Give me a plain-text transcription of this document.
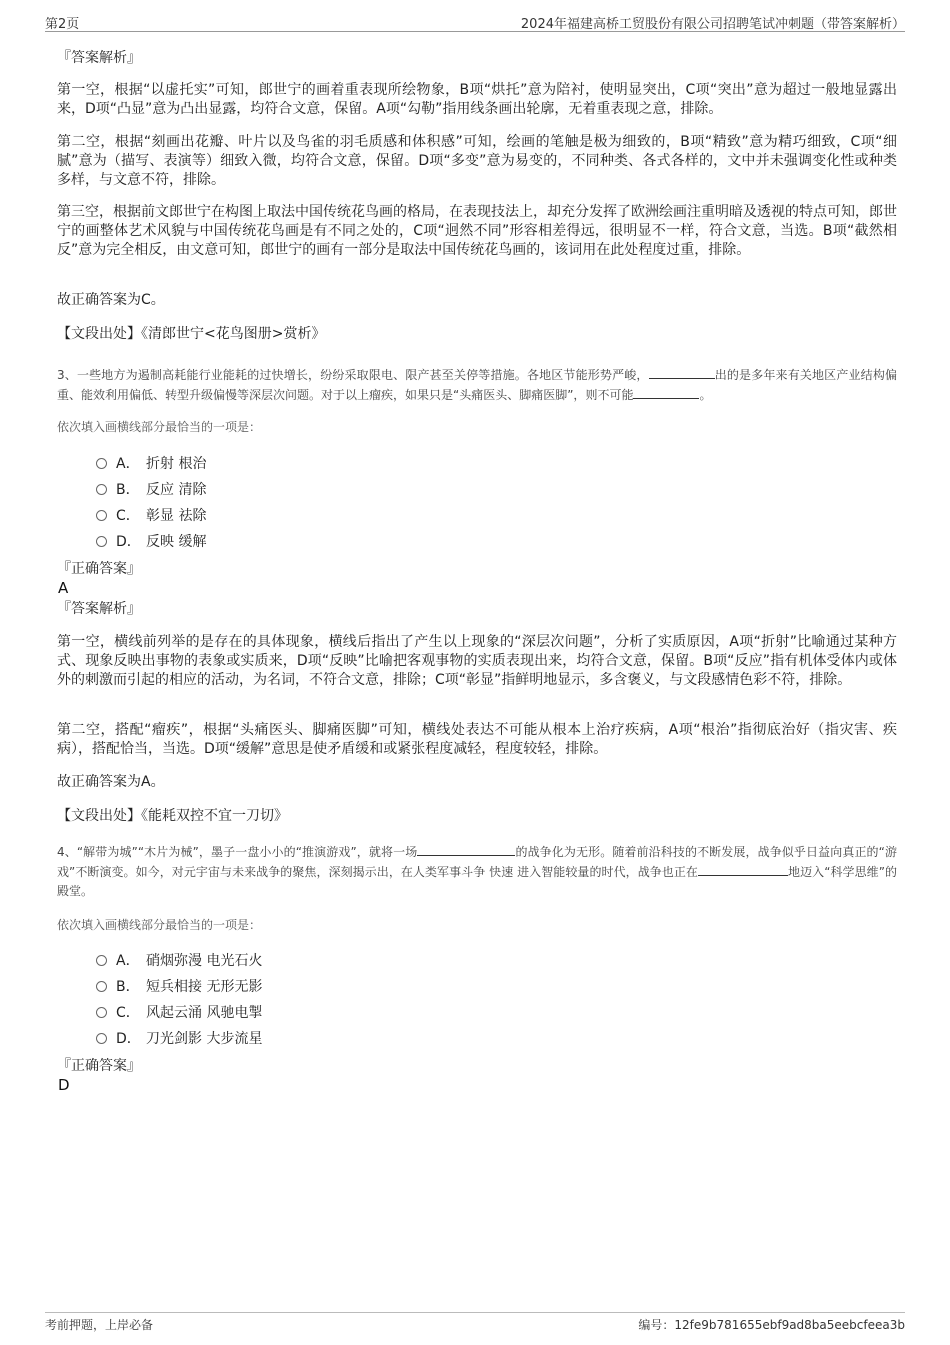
第2页	2024年福建高桥工贸股份有限公司招聘笔试冲刺题（带答案解析）
『答案解析』
第一空，根据“以虚托实”可知，郎世宁的画着重表现所绘物象，B项“烘托”意为陪衬，使明显突出，C项“突出”意为超过一般地显露出来，D项“凸显”意为凸出显露，均符合文意，保留。A项“勾勒”指用线条画出轮廓，无着重表现之意，排除。
第二空，根据“刻画出花瓣、叶片以及鸟雀的羽毛质感和体积感”可知，绘画的笔触是极为细致的，B项“精致”意为精巧细致，C项“细腻”意为（描写、表演等）细致入微，均符合文意，保留。D项“多变”意为易变的，不同种类、各式各样的，文中并未强调变化性或种类多样，与文意不符，排除。
第三空，根据前文郎世宁在构图上取法中国传统花鸟画的格局，在表现技法上，却充分发挥了欧洲绘画注重明暗及透视的特点可知，郎世宁的画整体艺术风貌与中国传统花鸟画是有不同之处的，C项“迥然不同”形容相差得远，很明显不一样，符合文意，当选。B项“截然相反”意为完全相反，由文意可知，郎世宁的画有一部分是取法中国传统花鸟画的，该词用在此处程度过重，排除。
故正确答案为C。
【文段出处】《清郎世宁<花鸟图册>赏析》
3、一些地方为遏制高耗能行业能耗的过快增长，纷纷采取限电、限产甚至关停等措施。各地区节能形势严峻，	出的是多年来有关地区产业结构偏重、能效利用偏低、转型升级偏慢等深层次问题。对于以上瘤疾，如果只是“头痛医头、脚痛医脚”，则不可能	。
依次填入画横线部分最恰当的一项是：
A． 折射 根治
B． 反应 清除
C． 彰显 祛除
D． 反映 缓解
『正确答案』
A
『答案解析』
第一空，横线前列举的是存在的具体现象，横线后指出了产生以上现象的“深层次问题”，分析了实质原因，A项“折射”比喻通过某种方式、现象反映出事物的表象或实质来，D项“反映”比喻把客观事物的实质表现出来，均符合文意，保留。B项“反应”指有机体受体内或体外的刺激而引起的相应的活动，为名词，不符合文意，排除；C项“彰显”指鲜明地显示，多含褒义，与文段感情色彩不符，排除。
第二空，搭配“瘤疾”，根据“头痛医头、脚痛医脚”可知，横线处表达不可能从根本上治疗疾病，A项“根治”指彻底治好（指灾害、疾病），搭配恰当，当选。D项“缓解”意思是使矛盾缓和或紧张程度减轻，程度较轻，排除。
故正确答案为A。
【文段出处】《能耗双控不宜一刀切》
4、“解带为城”“木片为械”，墨子一盘小小的“推演游戏”，就将一场	的战争化为无形。随着前沿科技的不断发展，战争似乎日益向真正的“游戏”不断演变。如今，对元宇宙与未来战争的聚焦，深刻揭示出，在人类军事斗争 快速 进入智能较量的时代，战争也正在	地迈入“科学思维”的殿堂。
依次填入画横线部分最恰当的一项是：
A． 硝烟弥漫 电光石火
B． 短兵相接 无形无影
C． 风起云涌 风驰电掣
D． 刀光剑影 大步流星
『正确答案』
D
考前押题，上岸必备	编号：12fe9b781655ebf9ad8ba5eebcfeea3b
